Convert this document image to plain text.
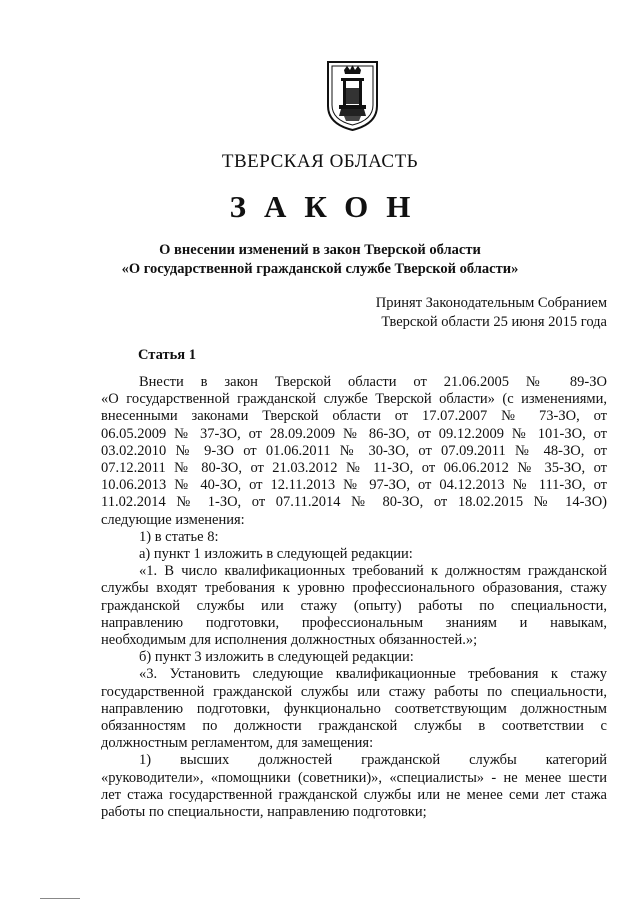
ТВЕРСКАЯ ОБЛАСТЬ
ЗАКОН
О внесении изменений в закон Тверской области
«О государственной гражданской службе Тверской области»
Принят Законодательным Собранием
Тверской области 25 июня 2015 года
Статья 1

Внести в закон Тверской области от 21.06.2005 № 89-ЗО

«О государственной гражданской службе Тверской области» (с изменениями,

внесенными законами Тверской области от 17.07.2007 № 73-ЗО, от

06.05.2009 № 37-ЗО, от 28.09.2009 № 86-ЗО, от 09.12.2009 № 101-ЗО, от

03.02.2010 № 9-ЗО от 01.06.2011 № 30-ЗО, от 07.09.2011 № 48-ЗО, от

07.12.2011 № 80-ЗО, от 21.03.2012 № 11-ЗО, от 06.06.2012 № 35-ЗО, от

10.06.2013 № 40-ЗО, от 12.11.2013 № 97-ЗО, от 04.12.2013 № 111-ЗО, от

11.02.2014 № 1-ЗО, от 07.11.2014 № 80-ЗО, от 18.02.2015 № 14-ЗО)

следующие изменения:

1) в статье 8:

а) пункт 1 изложить в следующей редакции:

«1. В число квалификационных требований к должностям гражданской

службы входят требования к уровню профессионального образования, стажу

гражданской службы или стажу (опыту) работы по специальности,

направлению подготовки, профессиональным знаниям и навыкам,

необходимым для исполнения должностных обязанностей.»;

б) пункт 3 изложить в следующей редакции:

«3. Установить следующие квалификационные требования к стажу

государственной гражданской службы или стажу работы по специальности,

направлению подготовки, функционально соответствующим должностным

обязанностям по должности гражданской службы в соответствии с

должностным регламентом, для замещения:

1) высших должностей гражданской службы категорий

«руководители», «помощники (советники)», «специалисты» - не менее шести

лет стажа государственной гражданской службы или не менее семи лет стажа

работы по специальности, направлению подготовки;
